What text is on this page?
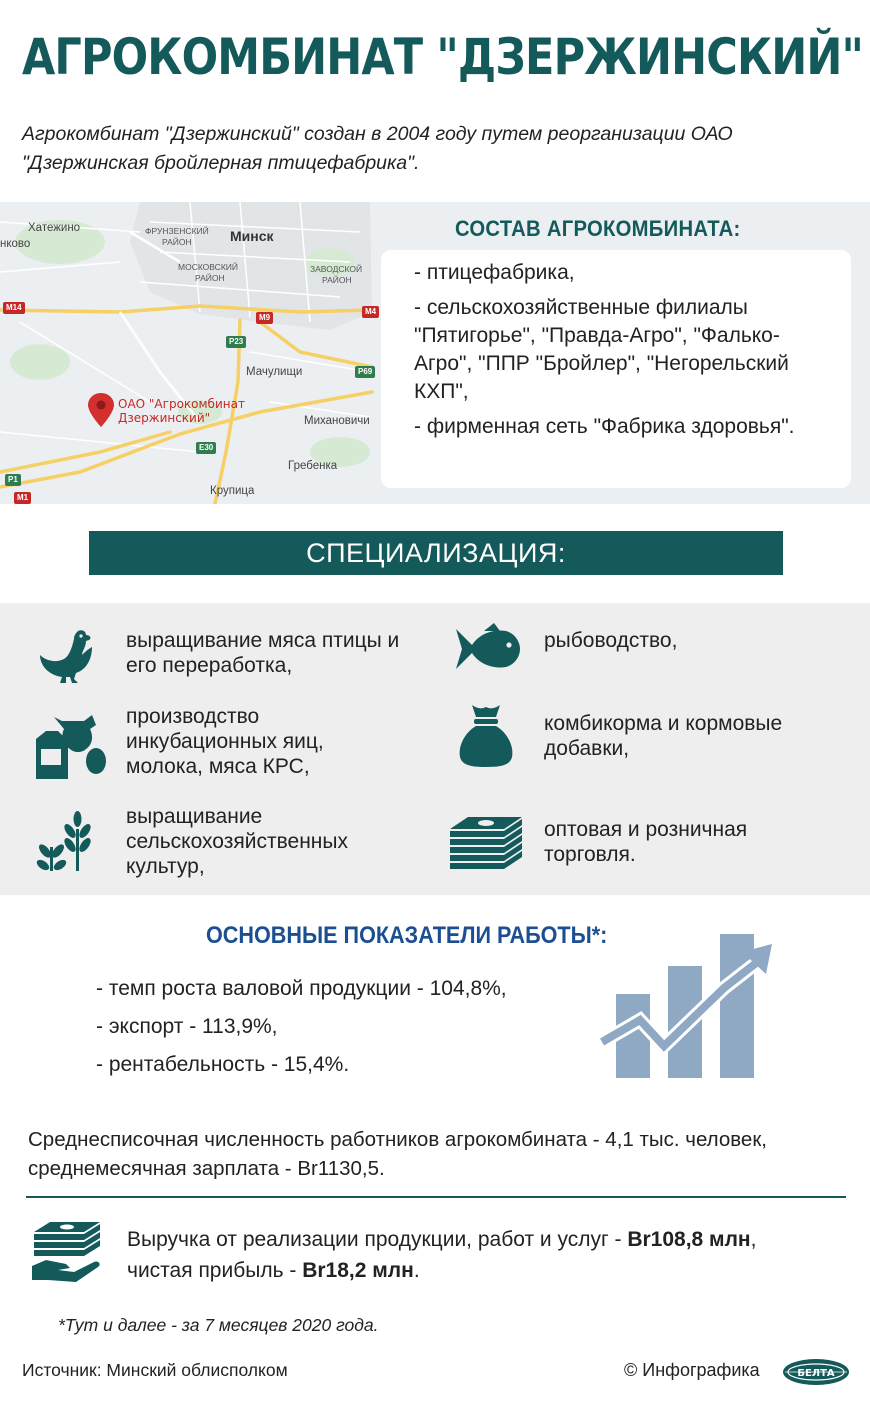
АГРОКОМБИНАТ "ДЗЕРЖИНСКИЙ"
Агрокомбинат "Дзержинский" создан в 2004 году путем реорганизации ОАО "Дзержинская бройлерная птицефабрика".
Хатежино
нково	Минск
ФРУНЗЕНСКИЙ
РАЙОН
МОСКОВСКИЙ
РАЙОН
ЗАВОДСКОЙ
РАЙОН
Мачулищи
Михановичи
Гребенка
Крупица
M14
M9
M4
P23
P1
M1
E30
P69
ОАО "Агрокомбинат
Дзержинский"
СОСТАВ АГРОКОМБИНАТА:
- птицефабрика,
- сельскохозяйственные филиалы "Пятигорье", "Правда-Агро", "Фалько-Агро", "ППР "Бройлер", "Негорельский КХП",
- фирменная сеть "Фабрика здоровья".
СПЕЦИАЛИЗАЦИЯ:
выращивание мяса птицы и его переработка,
рыбоводство,
производство инкубационных яиц, молока, мяса КРС,
комбикорма и кормовые добавки,
выращивание сельскохозяйственных культур,
оптовая и розничная торговля.
ОСНОВНЫЕ ПОКАЗАТЕЛИ РАБОТЫ*:
- темп роста валовой продукции - 104,8%,
- экспорт - 113,9%,
- рентабельность - 15,4%.
Среднесписочная численность работников агрокомбината - 4,1 тыс. человек, среднемесячная зарплата - Br1130,5.
Выручка от реализации продукции, работ и услуг - Br108,8 млн,
чистая прибыль - Br18,2 млн.
*Тут и далее - за 7 месяцев 2020 года.
Источник: Минский облисполком	© Инфографика	БЕЛТА
